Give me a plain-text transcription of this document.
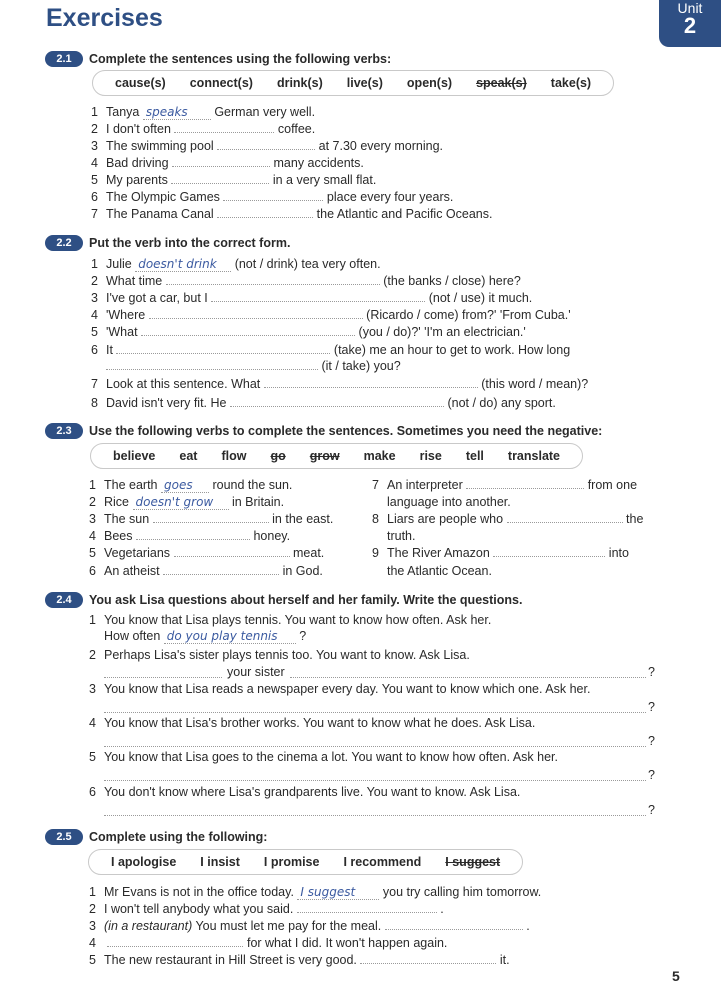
Exercises	Unit
2
2.1	Complete the sentences using the following verbs:
cause(s) connect(s) drink(s) live(s) open(s) speak(s) take(s)
1 Tanya speaks German very well.
2 I don't often	coffee.
3 The swimming pool	at 7.30 every morning.
4 Bad driving	many accidents.
5 My parents	in a very small flat.
6 The Olympic Games	place every four years.
7 The Panama Canal	the Atlantic and Pacific Oceans.
2.2	Put the verb into the correct form.
1 Julie doesn't drink (not / drink) tea very often.
2 What time	(the banks / close) here?
3 I've got a car, but I	(not / use) it much.
4 'Where	(Ricardo / come) from?' 'From Cuba.'
5 'What	(you / do)?' 'I'm an electrician.'
6 It	(take) me an hour to get to work. How long
(it / take) you?
7 Look at this sentence. What	(this word / mean)?
8 David isn't very fit. He	(not / do) any sport.
2.3	Use the following verbs to complete the sentences. Sometimes you need the negative:
believe eat flow go grow make rise tell translate
1 The earth goes round the sun.
2 Rice doesn't grow in Britain.
3 The sun	in the east.
4 Bees	honey.
5 Vegetarians	meat.
6 An atheist	in God.
7 An interpreter	from one
language into another.
8 Liars are people who	the
truth.
9 The River Amazon	into
the Atlantic Ocean.
2.4	You ask Lisa questions about herself and her family. Write the questions.
1 You know that Lisa plays tennis. You want to know how often. Ask her.
How often do you play tennis ?
2 Perhaps Lisa's sister plays tennis too. You want to know. Ask Lisa.
your sister	?
3 You know that Lisa reads a newspaper every day. You want to know which one. Ask her.
?
4 You know that Lisa's brother works. You want to know what he does. Ask Lisa.
?
5 You know that Lisa goes to the cinema a lot. You want to know how often. Ask her.
?
6 You don't know where Lisa's grandparents live. You want to know. Ask Lisa.
?
2.5	Complete using the following:
I apologise I insist I promise I recommend I suggest
1 Mr Evans is not in the office today. I suggest you try calling him tomorrow.
2 I won't tell anybody what you said.	.
3 (in a restaurant) You must let me pay for the meal.	.
4	for what I did. It won't happen again.
5 The new restaurant in Hill Street is very good.	it.
5
